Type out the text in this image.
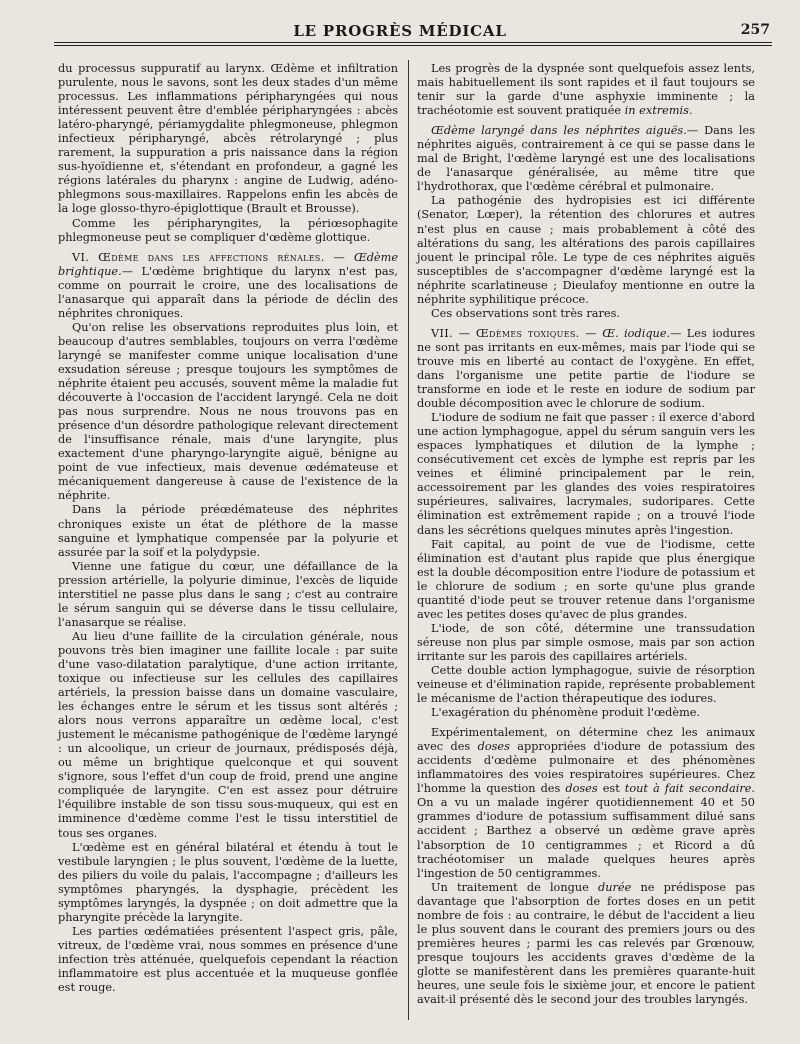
LE PROGRÈS MÉDICAL	257

du processus suppuratif au larynx. Œdème et infiltration purulente, nous le savons, sont les deux stades d'un même processus. Les inflammations péripharyngées qui nous intéressent peuvent être d'emblée péripharyngées : abcès latéro-pharyngé, périamygdalite phlegmoneuse, phlegmon infectieux péripharyngé, abcès rétrolaryngé ; plus rarement, la suppuration a pris naissance dans la région sus-hyoïdienne et, s'étendant en profondeur, a gagné les régions latérales du pharynx : angine de Ludwig, adéno-phlegmons sous-maxillaires. Rappelons enfin les abcès de la loge glosso-thyro-épiglottique (Brault et Brousse).

Comme les péripharyngites, la périœsophagite phlegmoneuse peut se compliquer d'œdème glottique.

VI. Œdème dans les affections rénales. — Œdème brightique.— L'œdème brightique du larynx n'est pas, comme on pourrait le croire, une des localisations de l'anasarque qui apparaît dans la période de déclin des néphrites chroniques.

Qu'on relise les observations reproduites plus loin, et beaucoup d'autres semblables, toujours on verra l'œdème laryngé se manifester comme unique localisation d'une exsudation séreuse ; presque toujours les symptômes de néphrite étaient peu accusés, souvent même la maladie fut découverte à l'occasion de l'accident laryngé. Cela ne doit pas nous surprendre. Nous ne nous trouvons pas en présence d'un désordre pathologique relevant directement de l'insuffisance rénale, mais d'une laryngite, plus exactement d'une pharyngo-laryngite aiguë, bénigne au point de vue infectieux, mais devenue œdémateuse et mécaniquement dangereuse à cause de l'existence de la néphrite.

Dans la période préœdémateuse des néphrites chroniques existe un état de pléthore de la masse sanguine et lymphatique compensée par la polyurie et assurée par la soif et la polydypsie.

Vienne une fatigue du cœur, une défaillance de la pression artérielle, la polyurie diminue, l'excès de liquide interstitiel ne passe plus dans le sang ; c'est au contraire le sérum sanguin qui se déverse dans le tissu cellulaire, l'anasarque se réalise.

Au lieu d'une faillite de la circulation générale, nous pouvons très bien imaginer une faillite locale : par suite d'une vaso-dilatation paralytique, d'une action irritante, toxique ou infectieuse sur les cellules des capillaires artériels, la pression baisse dans un domaine vasculaire, les échanges entre le sérum et les tissus sont altérés ; alors nous verrons apparaître un œdème local, c'est justement le mécanisme pathogénique de l'œdème laryngé : un alcoolique, un crieur de journaux, prédisposés déjà, ou même un brightique quelconque et qui souvent s'ignore, sous l'effet d'un coup de froid, prend une angine compliquée de laryngite. C'en est assez pour détruire l'équilibre instable de son tissu sous-muqueux, qui est en imminence d'œdème comme l'est le tissu interstitiel de tous ses organes.

L'œdème est en général bilatéral et étendu à tout le vestibule laryngien ; le plus souvent, l'œdème de la luette, des piliers du voile du palais, l'accompagne ; d'ailleurs les symptômes pharyngés, la dysphagie, précèdent les symptômes laryngés, la dyspnée ; on doit admettre que la pharyngite précède la laryngite.

Les parties œdématiées présentent l'aspect gris, pâle, vitreux, de l'œdème vrai, nous sommes en présence d'une infection très atténuée, quelquefois cependant la réaction inflammatoire est plus accentuée et la muqueuse gonflée est rouge.

Les progrès de la dyspnée sont quelquefois assez lents, mais habituellement ils sont rapides et il faut toujours se tenir sur la garde d'une asphyxie imminente ; la trachéotomie est souvent pratiquée in extremis.

Œdème laryngé dans les néphrites aiguës.— Dans les néphrites aiguës, contrairement à ce qui se passe dans le mal de Bright, l'œdème laryngé est une des localisations de l'anasarque généralisée, au même titre que l'hydrothorax, que l'œdème cérébral et pulmonaire.

La pathogénie des hydropisies est ici différente (Senator, Lœper), la rétention des chlorures et autres n'est plus en cause ; mais probablement à côté des altérations du sang, les altérations des parois capillaires jouent le principal rôle. Le type de ces néphrites aiguës susceptibles de s'accompagner d'œdème laryngé est la néphrite scarlatineuse ; Dieulafoy mentionne en outre la néphrite syphilitique précoce.

Ces observations sont très rares.

VII. — Œdèmes toxiques. — Œ. iodique.— Les iodures ne sont pas irritants en eux-mêmes, mais par l'iode qui se trouve mis en liberté au contact de l'oxygène. En effet, dans l'organisme une petite partie de l'iodure se transforme en iode et le reste en iodure de sodium par double décomposition avec le chlorure de sodium.

L'iodure de sodium ne fait que passer : il exerce d'abord une action lymphagogue, appel du sérum sanguin vers les espaces lymphatiques et dilution de la lymphe ; consécutivement cet excès de lymphe est repris par les veines et éliminé principalement par le rein, accessoirement par les glandes des voies respiratoires supérieures, salivaires, lacrymales, sudoripares. Cette élimination est extrêmement rapide ; on a trouvé l'iode dans les sécrétions quelques minutes après l'ingestion.

Fait capital, au point de vue de l'iodisme, cette élimination est d'autant plus rapide que plus énergique est la double décomposition entre l'iodure de potassium et le chlorure de sodium ; en sorte qu'une plus grande quantité d'iode peut se trouver retenue dans l'organisme avec les petites doses qu'avec de plus grandes.

L'iode, de son côté, détermine une transsudation séreuse non plus par simple osmose, mais par son action irritante sur les parois des capillaires artériels.

Cette double action lymphagogue, suivie de résorption veineuse et d'élimination rapide, représente probablement le mécanisme de l'action thérapeutique des iodures.

L'exagération du phénomène produit l'œdème.

Expérimentalement, on détermine chez les animaux avec des doses appropriées d'iodure de potassium des accidents d'œdème pulmonaire et des phénomènes inflammatoires des voies respiratoires supérieures. Chez l'homme la question des doses est tout à fait secondaire. On a vu un malade ingérer quotidiennement 40 et 50 grammes d'iodure de potassium suffisamment dilué sans accident ; Barthez a observé un œdème grave après l'absorption de 10 centigrammes ; et Ricord a dû trachéotomiser un malade quelques heures après l'ingestion de 50 centigrammes.

Un traitement de longue durée ne prédispose pas davantage que l'absorption de fortes doses en un petit nombre de fois : au contraire, le début de l'accident a lieu le plus souvent dans le courant des premiers jours ou des premières heures ; parmi les cas relevés par Grœnouw, presque toujours les accidents graves d'œdème de la glotte se manifestèrent dans les premières quarante-huit heures, une seule fois le sixième jour, et encore le patient avait-il présenté dès le second jour des troubles laryngés.
